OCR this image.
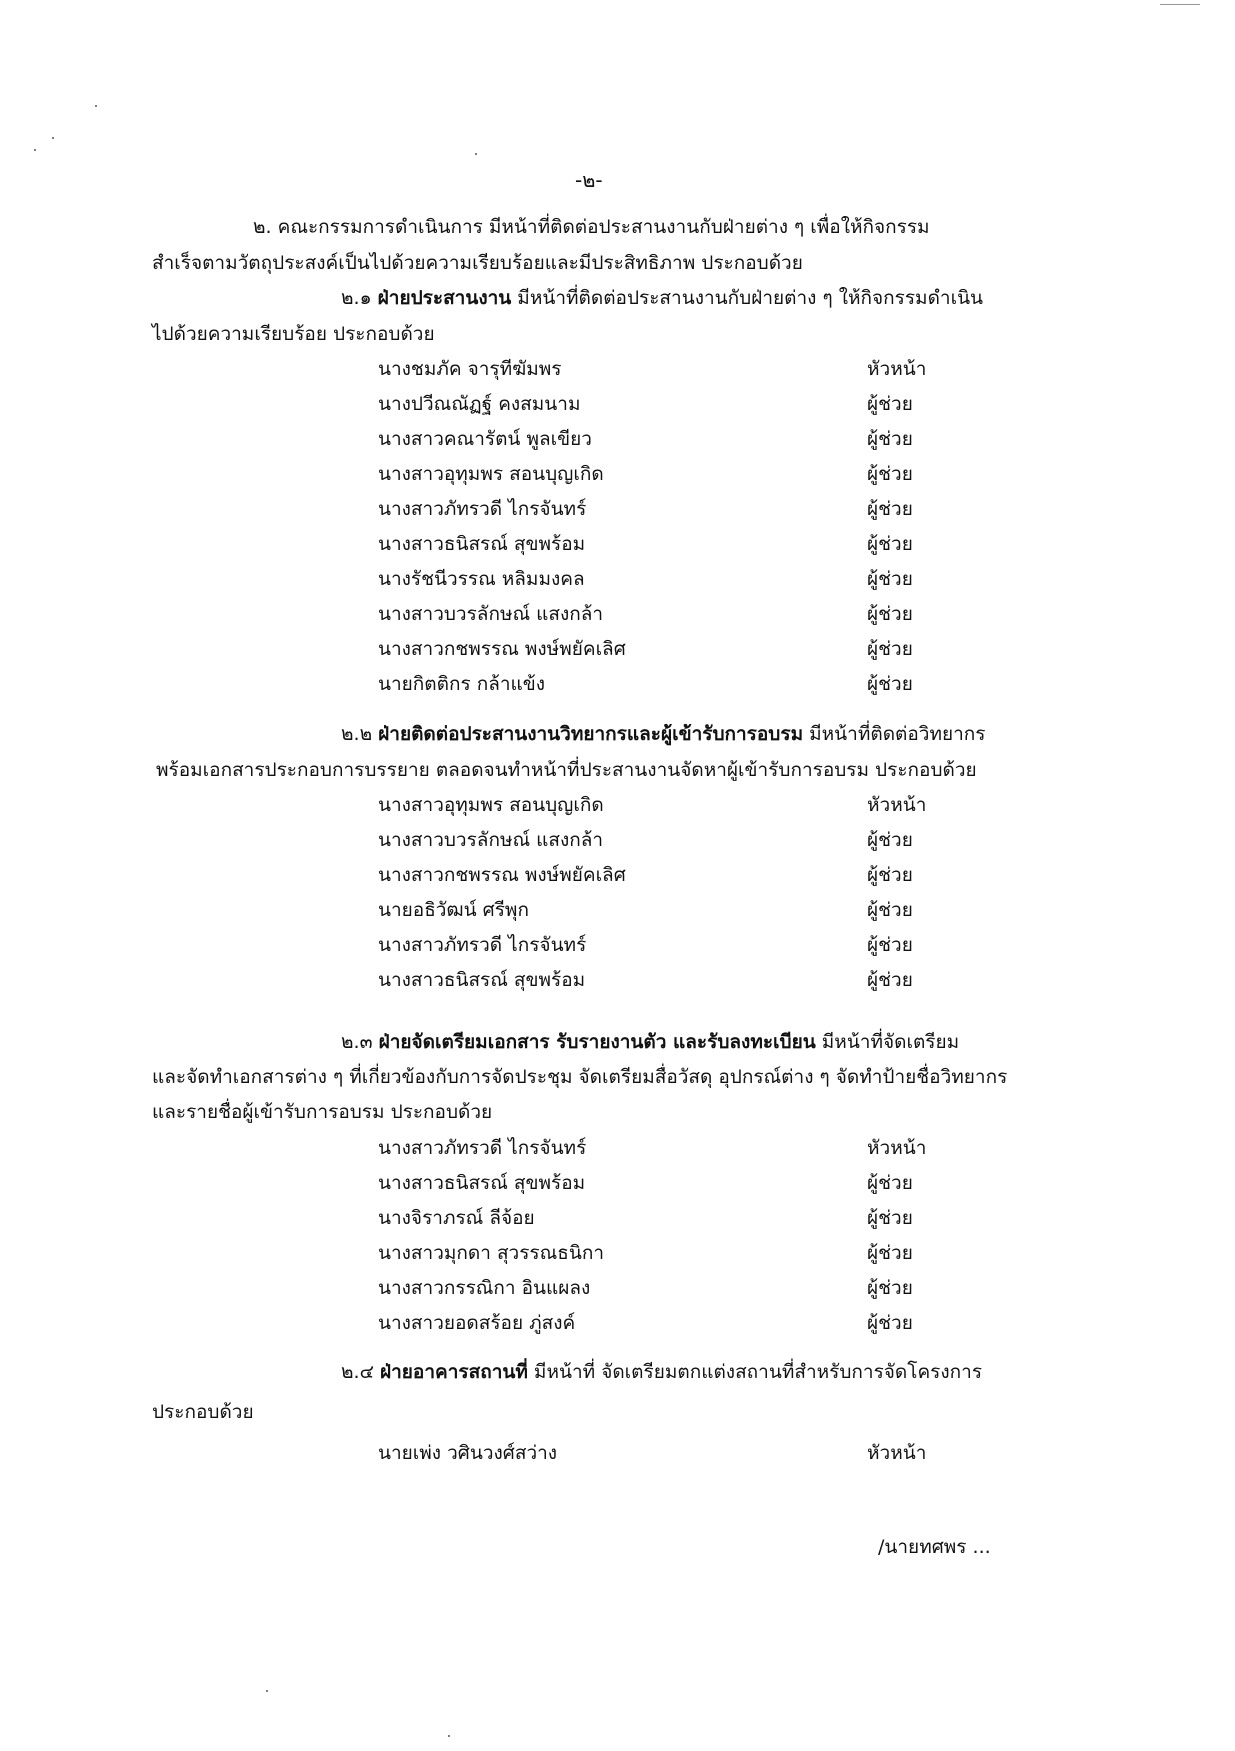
-๒-
๒. คณะกรรมการดำเนินการ มีหน้าที่ติดต่อประสานงานกับฝ่ายต่าง ๆ เพื่อให้กิจกรรม
สำเร็จตามวัตถุประสงค์เป็นไปด้วยความเรียบร้อยและมีประสิทธิภาพ ประกอบด้วย
๒.๑ ฝ่ายประสานงาน มีหน้าที่ติดต่อประสานงานกับฝ่ายต่าง ๆ ให้กิจกรรมดำเนิน
ไปด้วยความเรียบร้อย ประกอบด้วย
นางชมภัค จารุทีฆัมพร	หัวหน้า
นางปวีณณัฏฐ์ คงสมนาม	ผู้ช่วย
นางสาวคณารัตน์ พูลเขียว	ผู้ช่วย
นางสาวอุทุมพร สอนบุญเกิด	ผู้ช่วย
นางสาวภัทรวดี ไกรจันทร์	ผู้ช่วย
นางสาวธนิสรณ์ สุขพร้อม	ผู้ช่วย
นางรัชนีวรรณ หลิมมงคล	ผู้ช่วย
นางสาวบวรลักษณ์ แสงกล้า	ผู้ช่วย
นางสาวกชพรรณ พงษ์พยัคเลิศ	ผู้ช่วย
นายกิตติกร กล้าแข้ง	ผู้ช่วย
๒.๒ ฝ่ายติดต่อประสานงานวิทยากรและผู้เข้ารับการอบรม มีหน้าที่ติดต่อวิทยากร
พร้อมเอกสารประกอบการบรรยาย ตลอดจนทำหน้าที่ประสานงานจัดหาผู้เข้ารับการอบรม ประกอบด้วย
นางสาวอุทุมพร สอนบุญเกิด	หัวหน้า
นางสาวบวรลักษณ์ แสงกล้า	ผู้ช่วย
นางสาวกชพรรณ พงษ์พยัคเลิศ	ผู้ช่วย
นายอธิวัฒน์ ศรีพุก	ผู้ช่วย
นางสาวภัทรวดี ไกรจันทร์	ผู้ช่วย
นางสาวธนิสรณ์ สุขพร้อม	ผู้ช่วย
๒.๓ ฝ่ายจัดเตรียมเอกสาร รับรายงานตัว และรับลงทะเบียน มีหน้าที่จัดเตรียม
และจัดทำเอกสารต่าง ๆ ที่เกี่ยวข้องกับการจัดประชุม จัดเตรียมสื่อวัสดุ อุปกรณ์ต่าง ๆ จัดทำป้ายชื่อวิทยากร
และรายชื่อผู้เข้ารับการอบรม ประกอบด้วย
นางสาวภัทรวดี ไกรจันทร์	หัวหน้า
นางสาวธนิสรณ์ สุขพร้อม	ผู้ช่วย
นางจิราภรณ์ ลีจ้อย	ผู้ช่วย
นางสาวมุกดา สุวรรณธนิกา	ผู้ช่วย
นางสาวกรรณิกา อินแผลง	ผู้ช่วย
นางสาวยอดสร้อย ภู่สงค์	ผู้ช่วย
๒.๔ ฝ่ายอาคารสถานที่ มีหน้าที่ จัดเตรียมตกแต่งสถานที่สำหรับการจัดโครงการ
ประกอบด้วย
นายเพ่ง วศินวงศ์สว่าง	หัวหน้า
/นายทศพร ...
